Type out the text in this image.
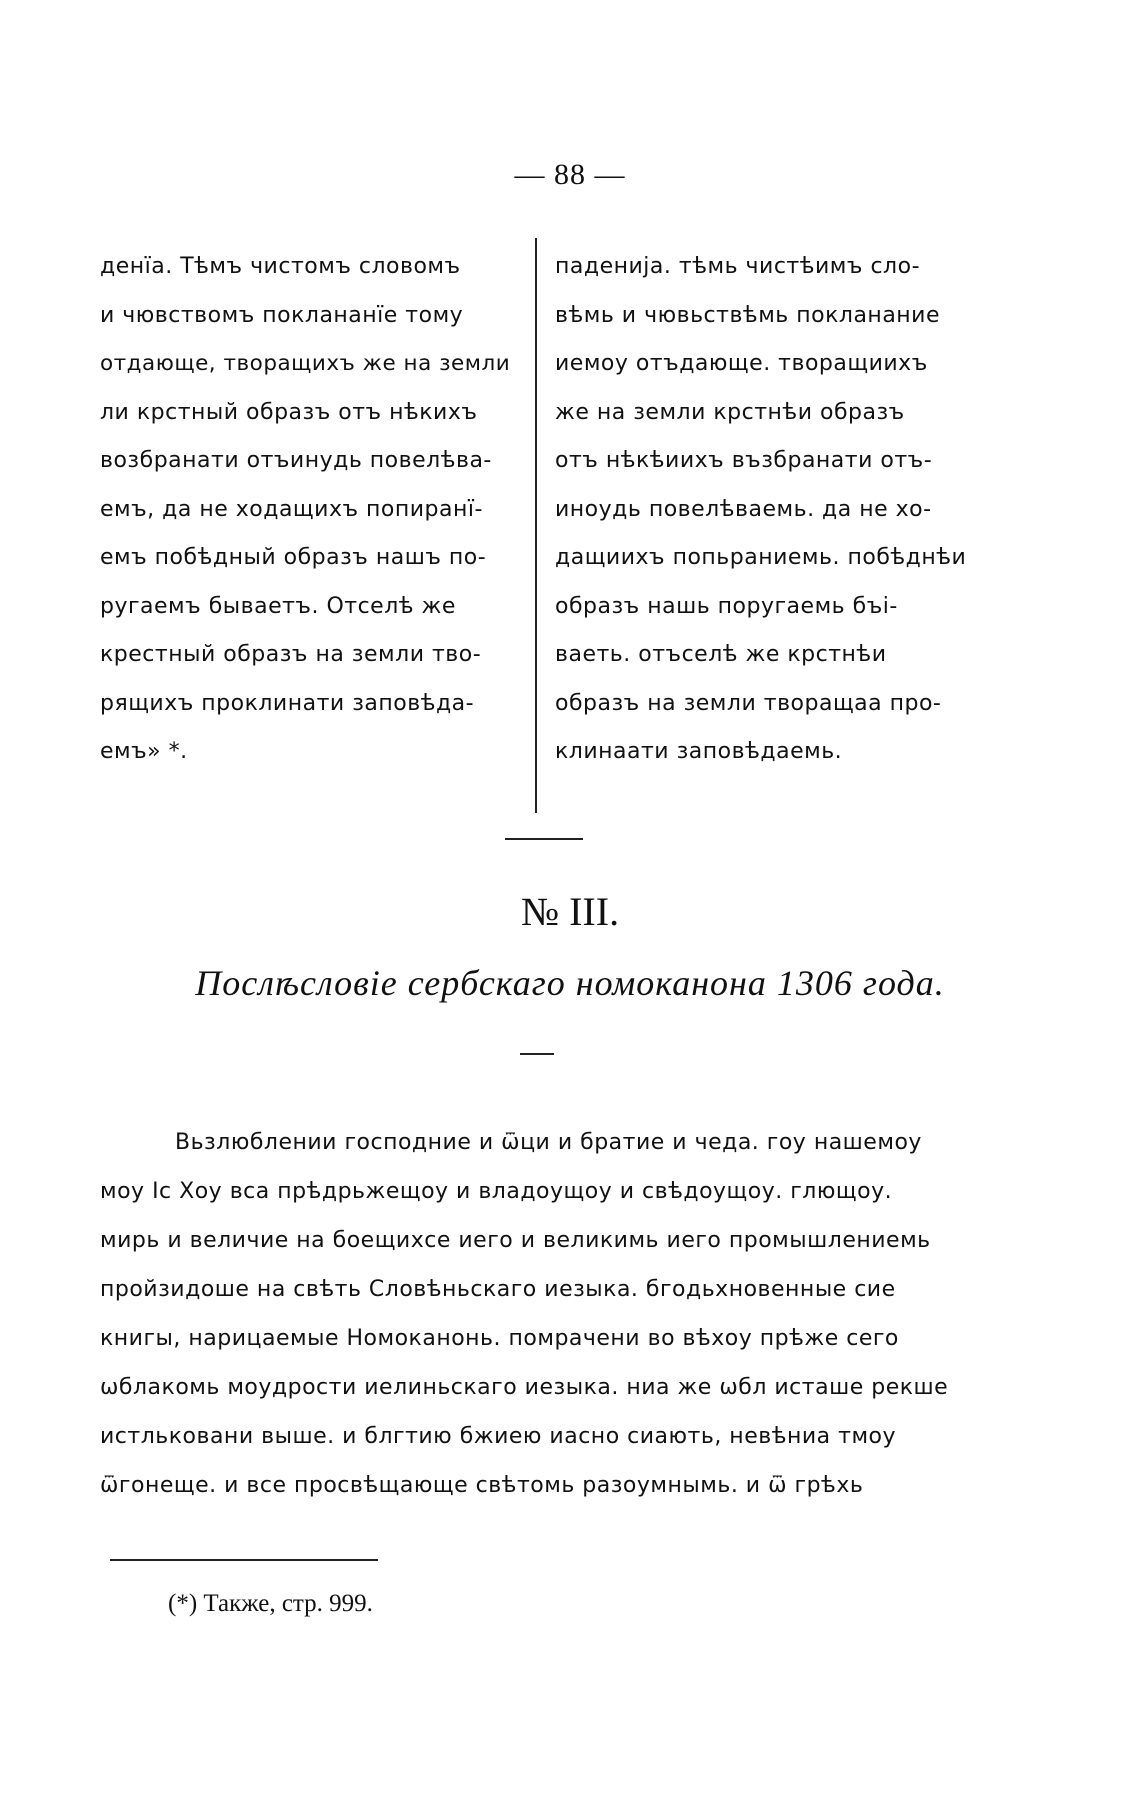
— 88 —
денїа. Тѣмъ чистомъ словомъ
и чювствомъ поклананїе тому
отдающе, творащихъ же на земли
ли крстный образъ отъ нѣкихъ
возбранати отъинудь повелѣва-
емъ, да не ходащихъ попиранї-
емъ побѣдный образъ нашъ по-
ругаемъ бываетъ. Отселѣ же
крестный образъ на земли тво-
рящихъ проклинати заповѣда-
емъ» *.
паденија. тѣмь чистѣимъ сло-
вѣмь и чювьствѣмь покланание
иемоу отъдающе. творащиихъ
же на земли крстнѣи образъ
отъ нѣкѣиихъ възбранати отъ-
иноудь повелѣваемь. да не хо-
дащиихъ попьраниемь. побѣднѣи
образъ нашь поругаемь бъі-
ваеть. отъселѣ же крстнѣи
образъ на земли творащаа про-
клинаати заповѣдаемь.
№ III.
Послѣсловіе сербскаго номоканона 1306 года.
Вьзлюблении господние и ѿци и братие и чеда. гоу нашемоу
моу Іс Хоу вса прѣдрьжещоу и владоущоу и свѣдоущоу. глющоу.
мирь и величие на боещихсе иего и великимь иего промышлениемь
пройзидоше на свѣть Словѣньскаго иезыка. бгодьхновенные сие
книгы, нарицаемые Номоканонь. помрачени во вѣхоу прѣже сего
ѡблакомь моудрости иелиньскаго иезыка. ниа же ѡбл исташе рекше
истльковани выше. и блгтию бжиею иасно сиають, невѣниа тмоу
ѿгонеще. и все просвѣщающе свѣтомь разоумнымь. и ѿ грѣхь
(*) Также, стр. 999.
